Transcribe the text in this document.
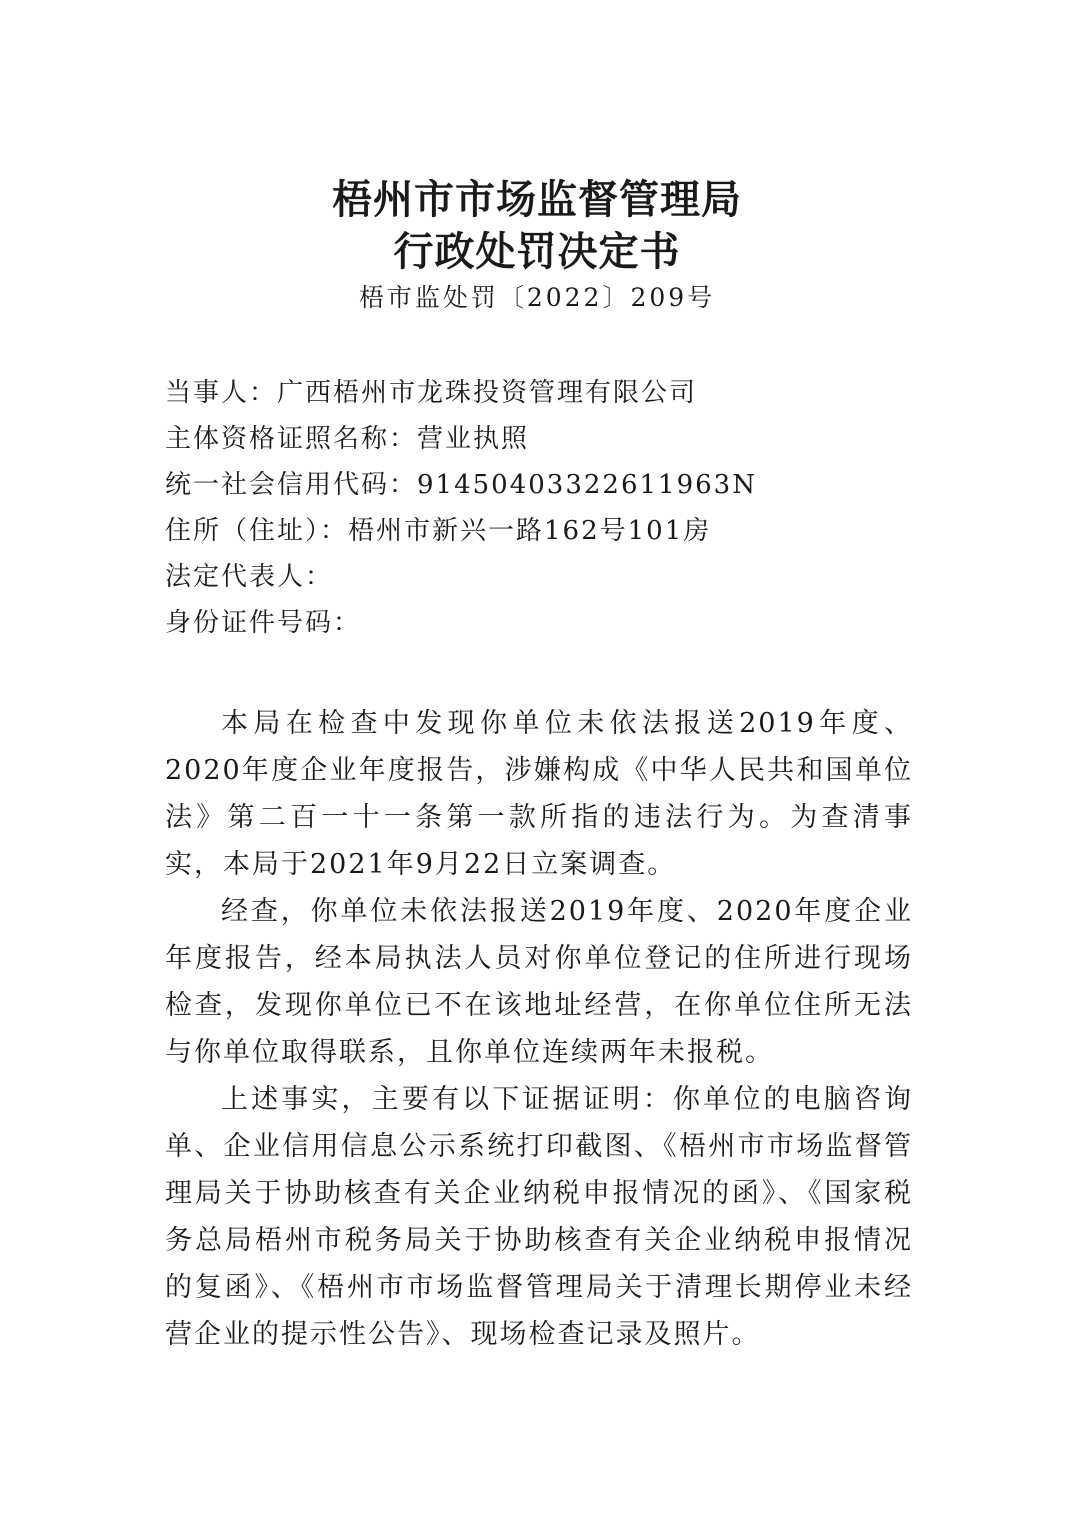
梧州市市场监督管理局
行政处罚决定书
梧市监处罚〔2022〕209号
当事人：广西梧州市龙珠投资管理有限公司
主体资格证照名称：营业执照
统一社会信用代码：91450403322611963N
住所（住址）：梧州市新兴一路162号101房
法定代表人：
身份证件号码：

本局在检查中发现你单位未依法报送2019年度、2020年度企业年度报告，涉嫌构成《中华人民共和国单位法》第二百一十一条第一款所指的违法行为。为查清事实，本局于2021年9月22日立案调查。

经查，你单位未依法报送2019年度、2020年度企业年度报告，经本局执法人员对你单位登记的住所进行现场检查，发现你单位已不在该地址经营，在你单位住所无法与你单位取得联系，且你单位连续两年未报税。

上述事实，主要有以下证据证明：你单位的电脑咨询单、企业信用信息公示系统打印截图、《梧州市市场监督管理局关于协助核查有关企业纳税申报情况的函》、《国家税务总局梧州市税务局关于协助核查有关企业纳税申报情况的复函》、《梧州市市场监督管理局关于清理长期停业未经营企业的提示性公告》、现场检查记录及照片。
